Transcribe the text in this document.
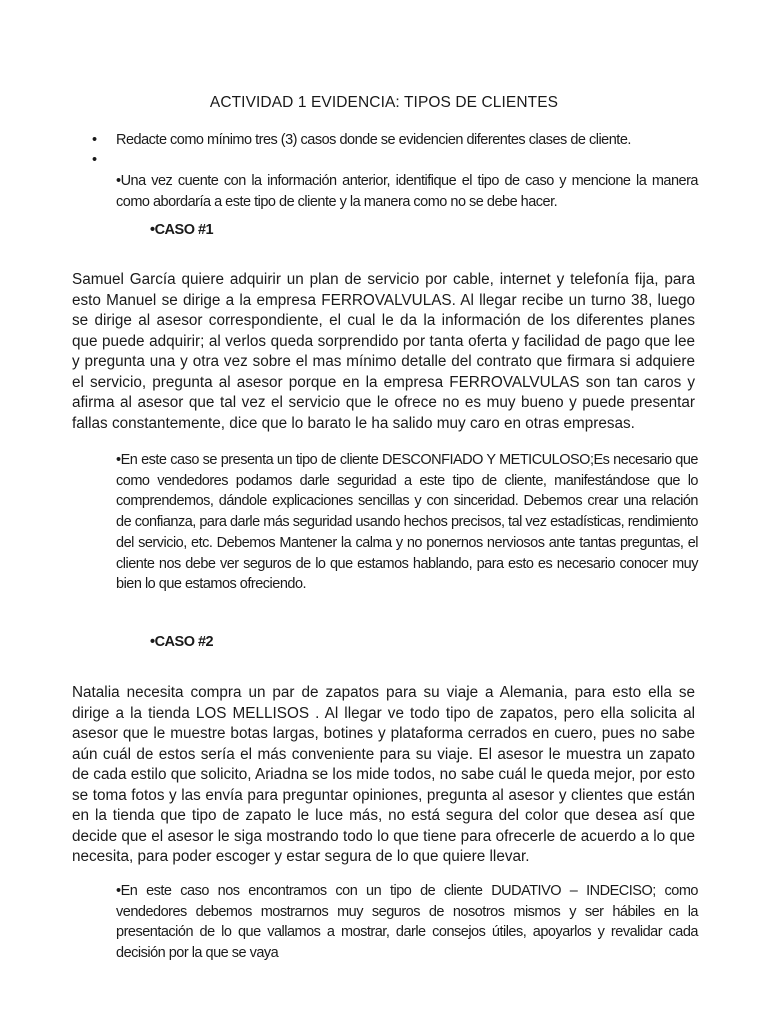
ACTIVIDAD 1 EVIDENCIA: TIPOS DE CLIENTES
•	Redacte como mínimo tres (3) casos donde se evidencien diferentes clases de cliente.
•
•Una vez cuente con la información anterior, identifique el tipo de caso y mencione la manera como abordaría a este tipo de cliente y la manera como no se debe hacer.
•CASO #1
Samuel García quiere adquirir un plan de servicio por cable, internet y telefonía fija, para esto Manuel se dirige a la empresa FERROVALVULAS. Al llegar recibe un turno 38, luego se dirige al asesor correspondiente, el cual le da la información de los diferentes planes que puede adquirir; al verlos queda sorprendido por tanta oferta y facilidad de pago que lee y pregunta una y otra vez sobre el mas mínimo detalle del contrato que firmara si adquiere el servicio, pregunta al asesor porque en la empresa FERROVALVULAS son tan caros y afirma al asesor que tal vez el servicio que le ofrece no es muy bueno y puede presentar fallas constantemente, dice que lo barato le ha salido muy caro en otras empresas.
•En este caso se presenta un tipo de cliente DESCONFIADO Y METICULOSO;Es necesario que como vendedores podamos darle seguridad a este tipo de cliente, manifestándose que lo comprendemos, dándole explicaciones sencillas y con sinceridad. Debemos crear una relación de confianza, para darle más seguridad usando hechos precisos, tal vez estadísticas, rendimiento del servicio, etc. Debemos Mantener la calma y no ponernos nerviosos ante tantas preguntas, el cliente nos debe ver seguros de lo que estamos hablando, para esto es necesario conocer muy bien lo que estamos ofreciendo.
•CASO #2
Natalia necesita compra un par de zapatos para su viaje a Alemania, para esto ella se dirige a la tienda LOS MELLISOS . Al llegar ve todo tipo de zapatos, pero ella solicita al asesor que le muestre botas largas, botines y plataforma cerrados en cuero, pues no sabe aún cuál de estos sería el más conveniente para su viaje. El asesor le muestra un zapato de cada estilo que solicito, Ariadna se los mide todos, no sabe cuál le queda mejor, por esto se toma fotos y las envía para preguntar opiniones, pregunta al asesor y clientes que están en la tienda que tipo de zapato le luce más, no está segura del color que desea así que decide que el asesor le siga mostrando todo lo que tiene para ofrecerle de acuerdo a lo que necesita, para poder escoger y estar segura de lo que quiere llevar.
•En este caso nos encontramos con un tipo de cliente DUDATIVO – INDECISO; como vendedores debemos mostrarnos muy seguros de nosotros mismos y ser hábiles en la presentación de lo que vallamos a mostrar, darle consejos útiles, apoyarlos y revalidar cada decisión por la que se vaya
